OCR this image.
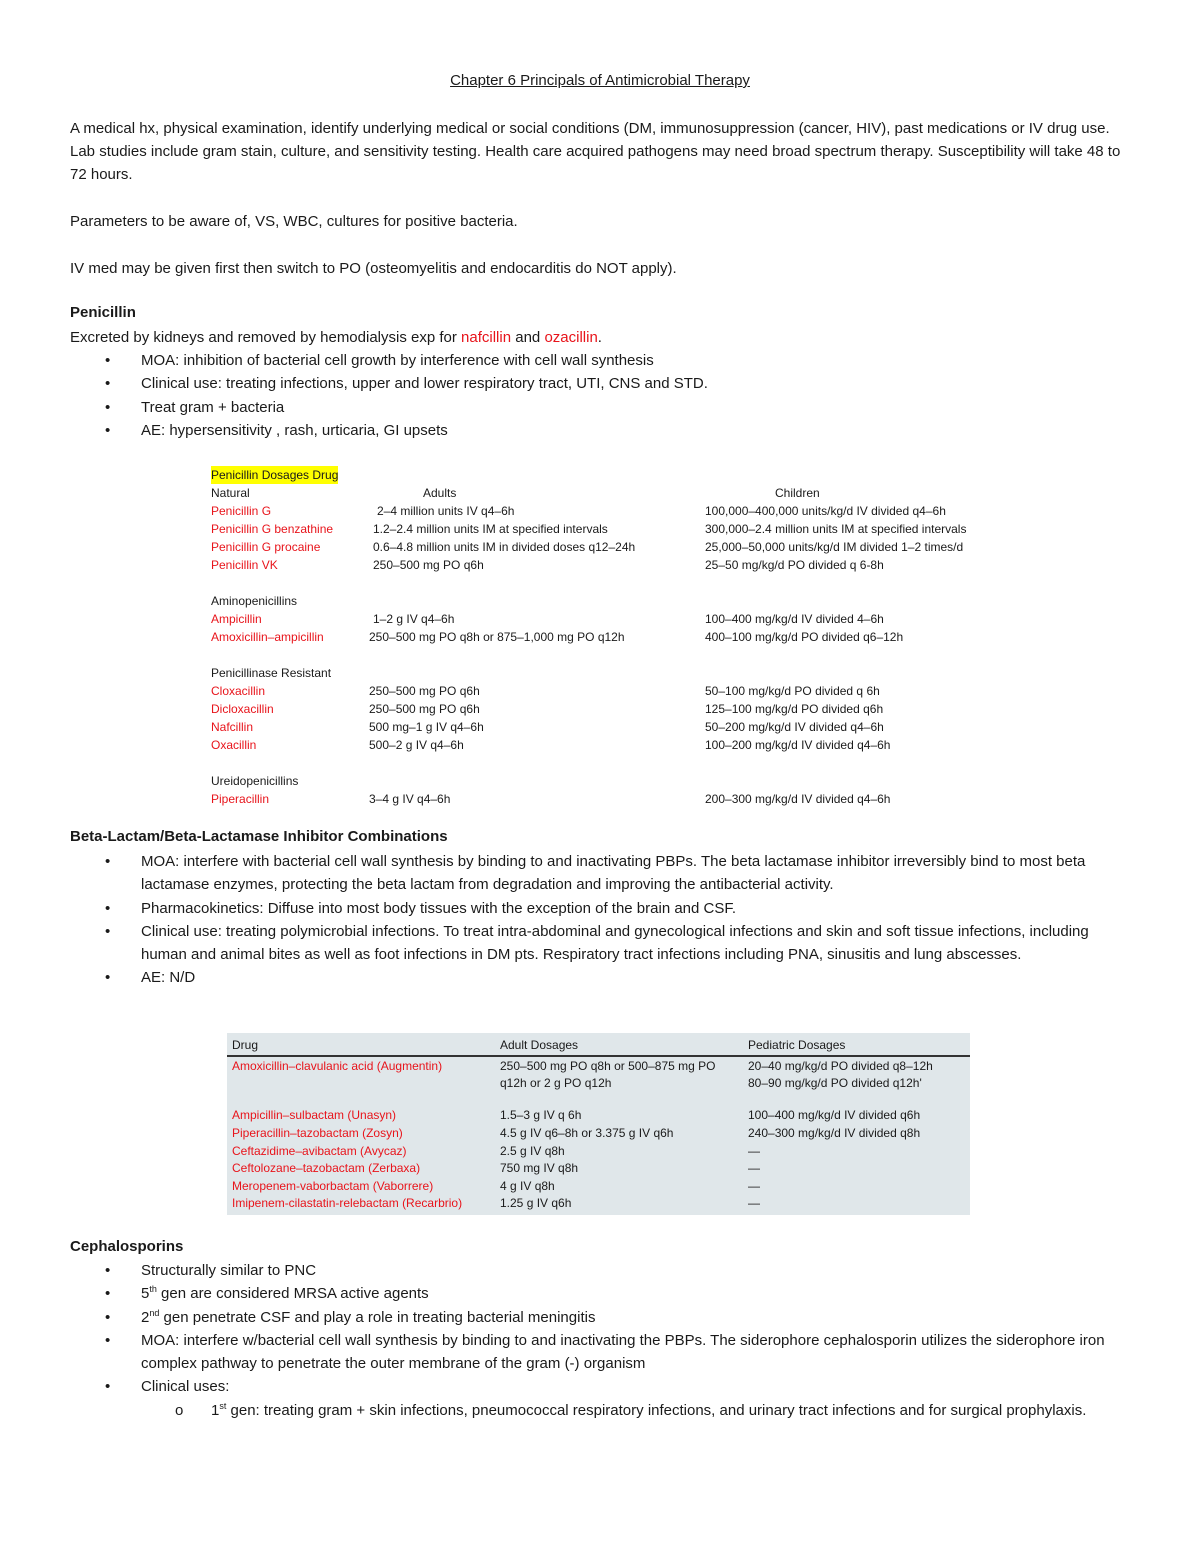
Chapter 6 Principals of Antimicrobial Therapy
A medical hx, physical examination, identify underlying medical or social conditions (DM, immunosuppression (cancer, HIV), past medications or IV drug use. Lab studies include gram stain, culture, and sensitivity testing. Health care acquired pathogens may need broad spectrum therapy. Susceptibility will take 48 to 72 hours.
Parameters to be aware of, VS, WBC, cultures for positive bacteria.
IV med may be given first then switch to PO (osteomyelitis and endocarditis do NOT apply).
Penicillin
Excreted by kidneys and removed by hemodialysis exp for nafcillin and ozacillin.
• MOA: inhibition of bacterial cell growth by interference with cell wall synthesis
• Clinical use: treating infections, upper and lower respiratory tract, UTI, CNS and STD.
• Treat gram + bacteria
• AE: hypersensitivity , rash, urticaria, GI upsets
Penicillin Dosages Drug
Natural	Adults	Children
Penicillin G	2–4 million units IV q4–6h	100,000–400,000 units/kg/d IV divided q4–6h
Penicillin G benzathine	1.2–2.4 million units IM at specified intervals	300,000–2.4 million units IM at specified intervals
Penicillin G procaine	0.6–4.8 million units IM in divided doses q12–24h	25,000–50,000 units/kg/d IM divided 1–2 times/d
Penicillin VK	250–500 mg PO q6h	25–50 mg/kg/d PO divided q 6-8h
Aminopenicillins
Ampicillin	1–2 g IV q4–6h	100–400 mg/kg/d IV divided 4–6h
Amoxicillin–ampicillin	250–500 mg PO q8h or 875–1,000 mg PO q12h	400–100 mg/kg/d PO divided q6–12h
Penicillinase Resistant
Cloxacillin	250–500 mg PO q6h	50–100 mg/kg/d PO divided q 6h
Dicloxacillin	250–500 mg PO q6h	125–100 mg/kg/d PO divided q6h
Nafcillin	500 mg–1 g IV q4–6h	50–200 mg/kg/d IV divided q4–6h
Oxacillin	500–2 g IV q4–6h	100–200 mg/kg/d IV divided q4–6h
Ureidopenicillins
Piperacillin	3–4 g IV q4–6h	200–300 mg/kg/d IV divided q4–6h
Beta-Lactam/Beta-Lactamase Inhibitor Combinations
• MOA: interfere with bacterial cell wall synthesis by binding to and inactivating PBPs. The beta lactamase inhibitor irreversibly bind to most beta lactamase enzymes, protecting the beta lactam from degradation and improving the antibacterial activity.
• Pharmacokinetics: Diffuse into most body tissues with the exception of the brain and CSF.
• Clinical use: treating polymicrobial infections. To treat intra-abdominal and gynecological infections and skin and soft tissue infections, including human and animal bites as well as foot infections in DM pts. Respiratory tract infections including PNA, sinusitis and lung abscesses.
• AE: N/D
Drug	Adult Dosages	Pediatric Dosages
Amoxicillin–clavulanic acid (Augmentin)	250–500 mg PO q8h or 500–875 mg PO	20–40 mg/kg/d PO divided q8–12h
q12h or 2 g PO q12h	80–90 mg/kg/d PO divided q12h'
Ampicillin–sulbactam (Unasyn)	1.5–3 g IV q 6h	100–400 mg/kg/d IV divided q6h
Piperacillin–tazobactam (Zosyn)	4.5 g IV q6–8h or 3.375 g IV q6h	240–300 mg/kg/d IV divided q8h
Ceftazidime–avibactam (Avycaz)	2.5 g IV q8h	—
Ceftolozane–tazobactam (Zerbaxa)	750 mg IV q8h	—
Meropenem-vaborbactam (Vaborrere)	4 g IV q8h	—
Imipenem-cilastatin-relebactam (Recarbrio)	1.25 g IV q6h	—
Cephalosporins
• Structurally similar to PNC
• 5th gen are considered MRSA active agents
• 2nd gen penetrate CSF and play a role in treating bacterial meningitis
• MOA: interfere w/bacterial cell wall synthesis by binding to and inactivating the PBPs. The siderophore cephalosporin utilizes the siderophore iron complex pathway to penetrate the outer membrane of the gram (-) organism
• Clinical uses:
o 1st gen: treating gram + skin infections, pneumococcal respiratory infections, and urinary tract infections and for surgical prophylaxis.
